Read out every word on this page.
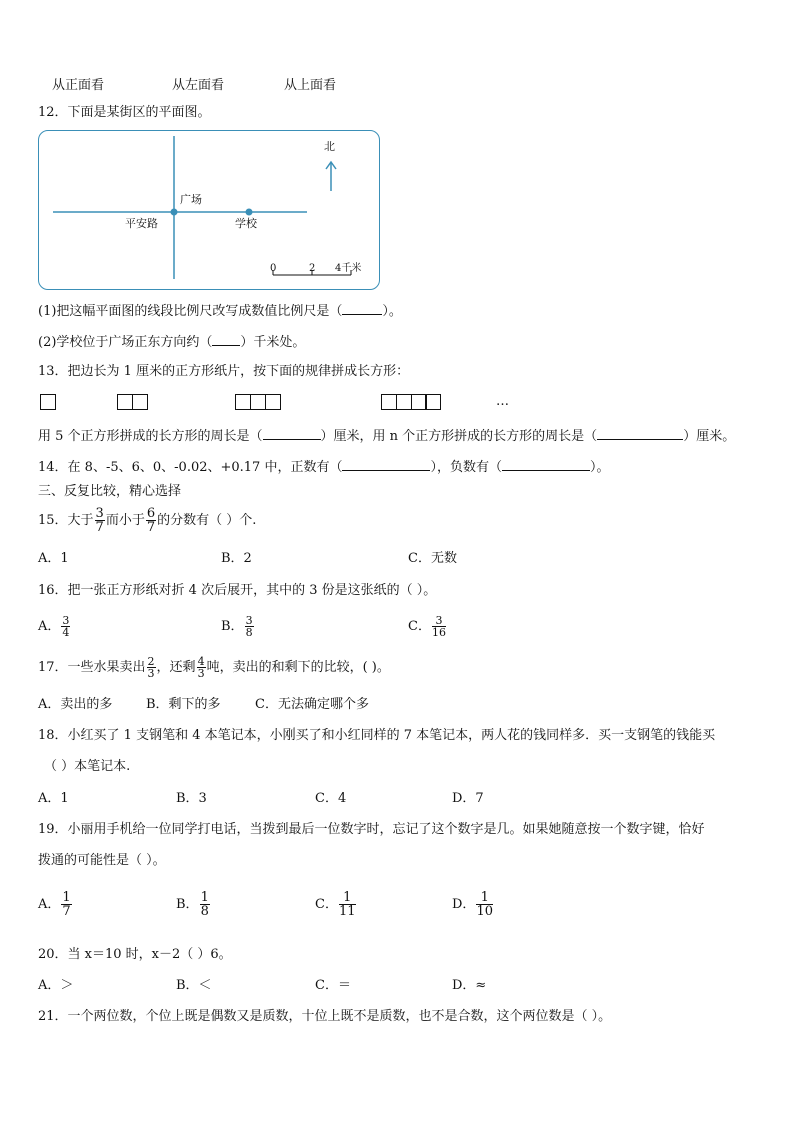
从正面看	从左面看	从上面看
12．下面是某街区的平面图。
北
广场
平安路	学校
0	2 4千米
(1)把这幅平面图的线段比例尺改写成数值比例尺是（	）。
(2)学校位于广场正东方向约（ ）千米处。
13．把边长为 1 厘米的正方形纸片，按下面的规律拼成长方形：
…
用 5 个正方形拼成的长方形的周长是（	）厘米，用 n 个正方形拼成的长方形的周长是（	）厘米。
14．在 8、-5、6、0、-0.02、+0.17 中，正数有（	），负数有（	）。
三、反复比较，精心选择
15．大于 $\frac{3}{7}$ 而小于 $\frac{6}{7}$ 的分数有（ ）个.
A．1	B．2	C．无数
16．把一张正方形纸对折 4 次后展开，其中的 3 份是这张纸的（ ）。
A． $\frac{3}{4}$	B． $\frac{3}{8}$	C． $\frac{3}{16}$
17．一些水果卖出 $\frac{2}{3}$ ，还剩 $\frac{4}{3}$ 吨，卖出的和剩下的比较，( )。
A．卖出的多	B．剩下的多	C．无法确定哪个多
18．小红买了 1 支钢笔和 4 本笔记本，小刚买了和小红同样的 7 本笔记本，两人花的钱同样多．买一支钢笔的钱能买
（ ）本笔记本.
A．1	B．3	C．4	D．7
19．小丽用手机给一位同学打电话，当拨到最后一位数字时，忘记了这个数字是几。如果她随意按一个数字键，恰好
拨通的可能性是（ ）。
A． $\frac{1}{7}$	B． $\frac{1}{8}$	C． $\frac{1}{11}$	D． $\frac{1}{10}$
20．当 x＝10 时，x－2（ ）6。
A．＞	B．＜	C．＝	D．≈
21．一个两位数，个位上既是偶数又是质数，十位上既不是质数，也不是合数，这个两位数是（ ）。
